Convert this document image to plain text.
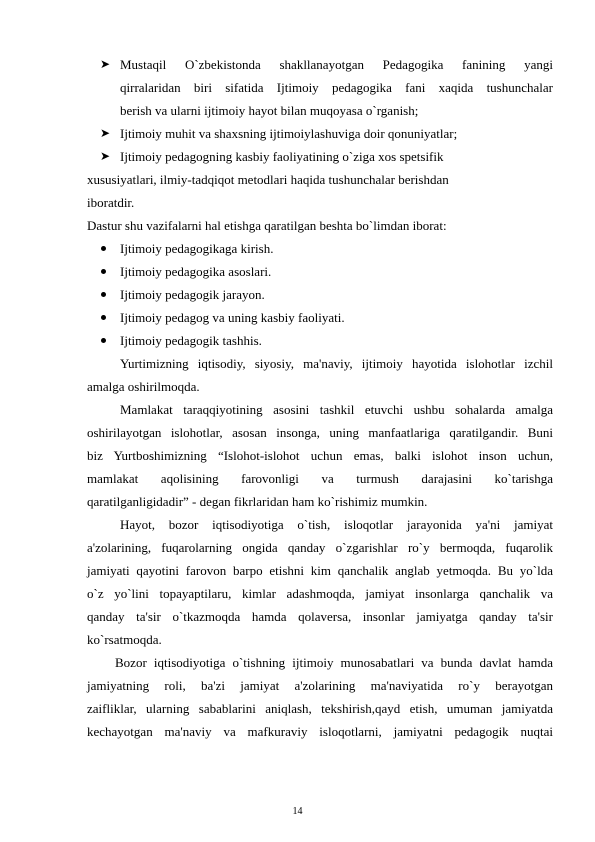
➤ Mustaqil O`zbekistonda shakllanayotgan Pedagogika fanining yangi
qirralaridan biri sifatida Ijtimoiy pedagogika fani xaqida tushunchalar
berish va ularni ijtimoiy hayot bilan muqoyasa o`rganish;
➤ Ijtimoiy muhit va shaxsning ijtimoiylashuviga doir qonuniyatlar;
➤ Ijtimoiy pedagogning kasbiy faoliyatining o`ziga xos spetsifik
xususiyatlari, ilmiy-tadqiqot metodlari haqida tushunchalar berishdan
iboratdir.
Dastur shu vazifalarni hal etishga qaratilgan beshta bo`limdan iborat:
Ijtimoiy pedagogikaga kirish.
Ijtimoiy pedagogika asoslari.
Ijtimoiy pedagogik jarayon.
Ijtimoiy pedagog va uning kasbiy faoliyati.
Ijtimoiy pedagogik tashhis.
Yurtimizning iqtisodiy, siyosiy, ma'naviy, ijtimoiy hayotida islohotlar izchil
amalga oshirilmoqda.
Mamlakat taraqqiyotining asosini tashkil etuvchi ushbu sohalarda amalga
oshirilayotgan islohotlar, asosan insonga, uning manfaatlariga qaratilgandir. Buni
biz Yurtboshimizning “Islohot-islohot uchun emas, balki islohot inson uchun,
mamlakat aqolisining farovonligi va turmush darajasini ko`tarishga
qaratilganligidadir” - degan fikrlaridan ham ko`rishimiz mumkin.
Hayot, bozor iqtisodiyotiga o`tish, isloqotlar jarayonida ya'ni jamiyat
a'zolarining, fuqarolarning ongida qanday o`zgarishlar ro`y bermoqda, fuqarolik
jamiyati qayotini farovon barpo etishni kim qanchalik anglab yetmoqda. Bu yo`lda
o`z yo`lini topayaptilaru, kimlar adashmoqda, jamiyat insonlarga qanchalik va
qanday ta'sir o`tkazmoqda hamda qolaversa, insonlar jamiyatga qanday ta'sir
ko`rsatmoqda.
Bozor iqtisodiyotiga o`tishning ijtimoiy munosabatlari va bunda davlat hamda
jamiyatning roli, ba'zi jamiyat a'zolarining ma'naviyatida ro`y berayotgan
zaifliklar, ularning sabablarini aniqlash, tekshirish,qayd etish, umuman jamiyatda
kechayotgan ma'naviy va mafkuraviy isloqotlarni, jamiyatni pedagogik nuqtai
14
